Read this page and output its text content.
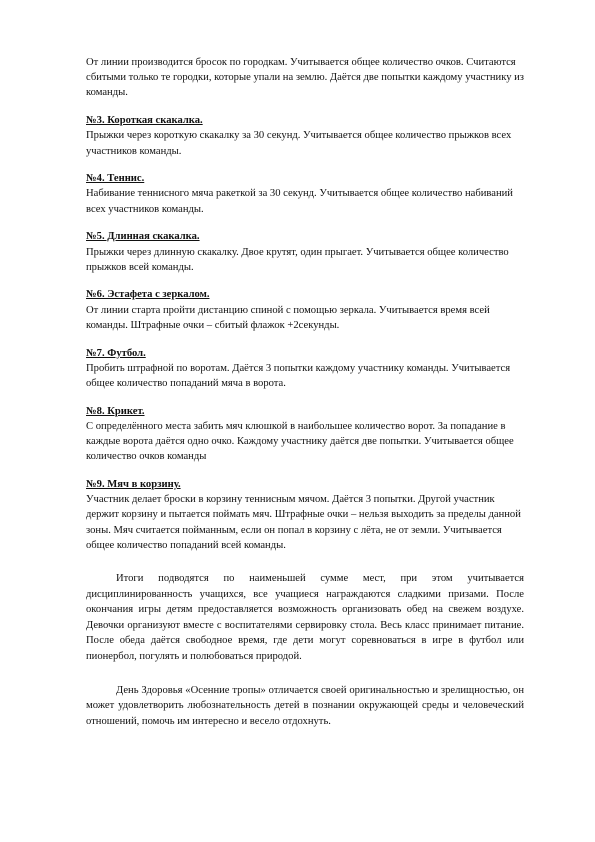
От линии производится бросок по городкам. Учитывается общее количество очков. Считаются сбитыми только те городки, которые упали на землю. Даётся две попытки каждому участнику из команды.

№3. Короткая скакалка.

Прыжки через короткую скакалку за 30 секунд. Учитывается общее количество прыжков всех участников команды.

№4. Теннис.

Набивание теннисного мяча ракеткой за 30 секунд. Учитывается общее количество набиваний всех участников команды.

№5. Длинная скакалка.

Прыжки через длинную скакалку. Двое крутят, один прыгает. Учитывается общее количество прыжков всей команды.

№6. Эстафета с зеркалом.

От линии старта пройти дистанцию спиной с помощью зеркала. Учитывается время всей команды. Штрафные очки – сбитый флажок +2секунды.

№7. Футбол.

Пробить штрафной по воротам. Даётся 3 попытки каждому участнику команды. Учитывается общее количество попаданий мяча в ворота.

№8. Крикет.

С определённого места забить мяч клюшкой в наибольшее количество ворот. За попадание в каждые ворота даётся одно очко. Каждому участнику даётся две попытки. Учитывается общее количество очков команды

№9. Мяч в корзину.

Участник делает броски в корзину теннисным мячом. Даётся 3 попытки. Другой участник держит корзину и пытается поймать мяч. Штрафные очки – нельзя выходить за пределы данной зоны. Мяч считается пойманным, если он попал в корзину с лёта, не от земли. Учитывается общее количество попаданий всей команды.

Итоги подводятся по наименьшей сумме мест, при этом учитывается дисциплинированность учащихся, все учащиеся награждаются сладкими призами. После окончания игры детям предоставляется возможность организовать обед на свежем воздухе. Девочки организуют вместе с воспитателями сервировку стола. Весь класс принимает питание. После обеда даётся свободное время, где дети могут соревноваться в игре в футбол или пионербол, погулять и полюбоваться природой.

День Здоровья «Осенние тропы» отличается своей оригинальностью и зрелищностью, он может удовлетворить любознательность детей в познании окружающей среды и человеческий отношений, помочь им интересно и весело отдохнуть.
